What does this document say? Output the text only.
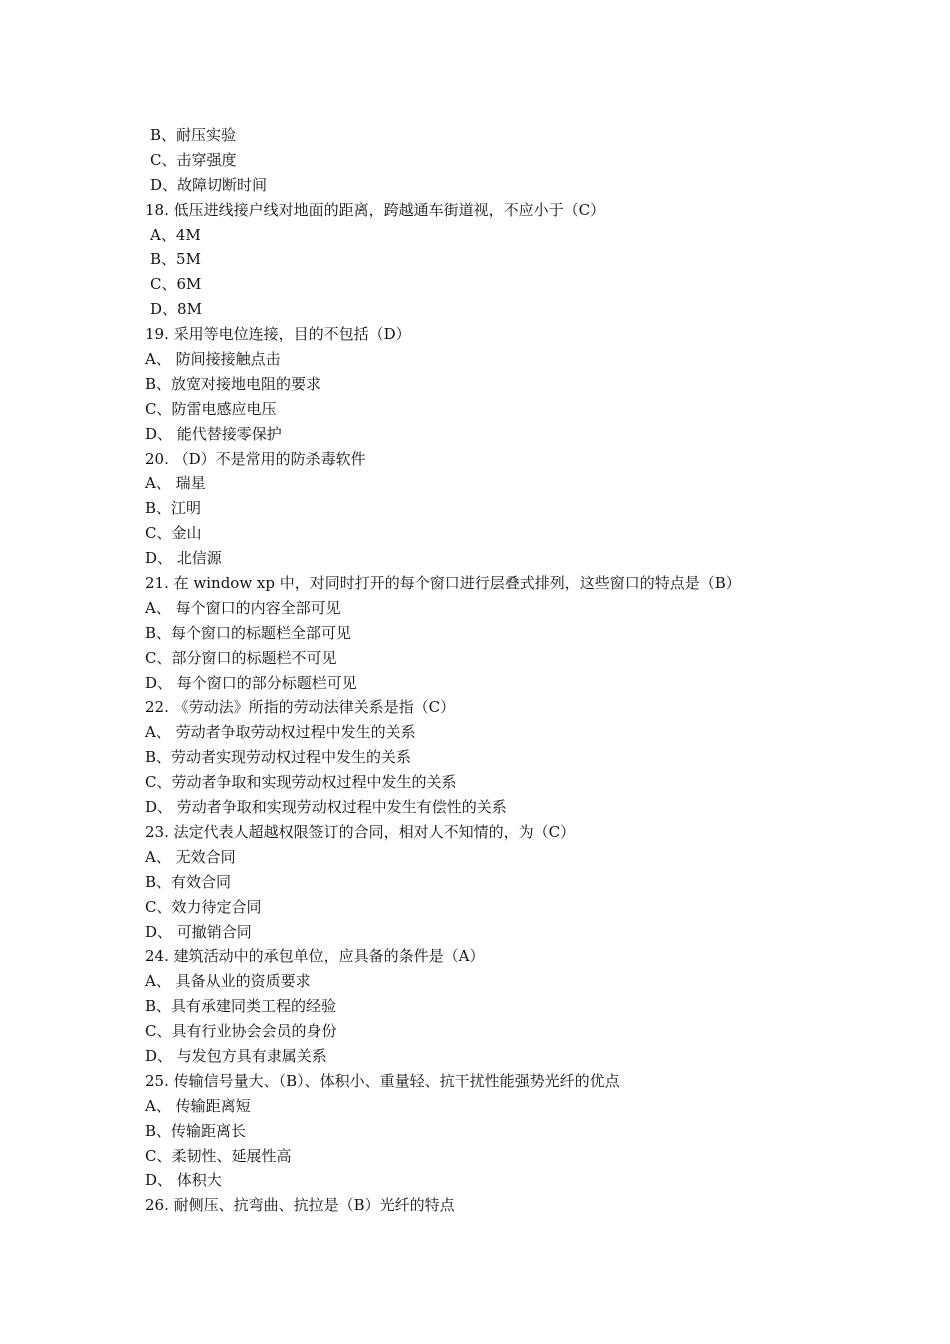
B、耐压实验
C、击穿强度
D、故障切断时间
18. 低压进线接户线对地面的距离，跨越通车街道视，不应小于（C）
A、4M
B、5M
C、6M
D、8M
19. 采用等电位连接，目的不包括（D）
A、 防间接接触点击
B、放宽对接地电阻的要求
C、防雷电感应电压
D、 能代替接零保护
20. （D）不是常用的防杀毒软件
A、 瑞星
B、江明
C、金山
D、 北信源
21. 在 window xp 中，对同时打开的每个窗口进行层叠式排列，这些窗口的特点是（B）
A、 每个窗口的内容全部可见
B、每个窗口的标题栏全部可见
C、部分窗口的标题栏不可见
D、 每个窗口的部分标题栏可见
22. 《劳动法》所指的劳动法律关系是指（C）
A、 劳动者争取劳动权过程中发生的关系
B、劳动者实现劳动权过程中发生的关系
C、劳动者争取和实现劳动权过程中发生的关系
D、 劳动者争取和实现劳动权过程中发生有偿性的关系
23. 法定代表人超越权限签订的合同，相对人不知情的，为（C）
A、 无效合同
B、有效合同
C、效力待定合同
D、 可撤销合同
24. 建筑活动中的承包单位，应具备的条件是（A）
A、 具备从业的资质要求
B、具有承建同类工程的经验
C、具有行业协会会员的身份
D、 与发包方具有隶属关系
25. 传输信号量大、（B）、体积小、重量轻、抗干扰性能强势光纤的优点
A、 传输距离短
B、传输距离长
C、柔韧性、延展性高
D、 体积大
26. 耐侧压、抗弯曲、抗拉是（B）光纤的特点
